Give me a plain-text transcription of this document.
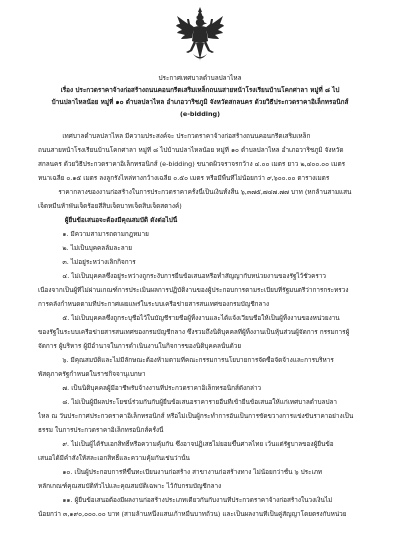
ประกาศเทศบาลตำบลปลาไหล
เรื่อง ประกวดราคาจ้างก่อสร้างถนนคอนกรีตเสริมเหล็กถนนสายหน้าโรงเรียนบ้านโคกศาลา หมู่ที่ ๘ ไป
บ้านปลาไหลน้อย หมู่ที่ ๑๐ ตำบลปลาไหล อำเภอวาริชภูมิ จังหวัดสกลนคร ด้วยวิธีประกวดราคาอิเล็กทรอนิกส์
(e-bidding)
เทศบาลตำบลปลาไหล มีความประสงค์จะ ประกวดราคาจ้างก่อสร้างถนนคอนกรีตเสริมเหล็ก
ถนนสายหน้าโรงเรียนบ้านโคกศาลา หมู่ที่ ๘ ไปบ้านปลาไหลน้อย หมู่ที่ ๑๐ ตำบลปลาไหล อำเภอวาริชภูมิ จังหวัด
สกลนคร ด้วยวิธีประกวดราคาอิเล็กทรอนิกส์ (e-bidding) ขนาดผิวจราจรกว้าง ๔.๐๐ เมตร ยาว ๒,๔๐๐.๐๐ เมตร
หนาเฉลี่ย ๐.๑๕ เมตร ลงลูกรังไหล่ทางกว้างเฉลี่ย ๐.๕๐ เมตร หรือมีพื้นที่ไม่น้อยกว่า ๙,๖๐๐.๐๐ ตารางเมตร
ราคากลางของงานก่อสร้างในการประกวดราคาครั้งนี้เป็นเงินทั้งสิ้น ๖,๓๗๕,๗๔๗.๗๗ บาท (หกล้านสามแสน
เจ็ดหมื่นห้าพันเจ็ดร้อยสี่สิบเจ็ดบาทเจ็ดสิบเจ็ดสตางค์)
ผู้ยื่นข้อเสนอจะต้องมีคุณสมบัติ ดังต่อไปนี้
๑. มีความสามารถตามกฎหมาย
๒. ไม่เป็นบุคคลล้มละลาย
๓. ไม่อยู่ระหว่างเลิกกิจการ
๔. ไม่เป็นบุคคลซึ่งอยู่ระหว่างถูกระงับการยื่นข้อเสนอหรือทำสัญญากับหน่วยงานของรัฐไว้ชั่วคราว
เนื่องจากเป็นผู้ที่ไม่ผ่านเกณฑ์การประเมินผลการปฏิบัติงานของผู้ประกอบการตามระเบียบที่รัฐมนตรีว่าการกระทรวง
การคลังกำหนดตามที่ประกาศเผยแพร่ในระบบเครือข่ายสารสนเทศของกรมบัญชีกลาง
๕. ไม่เป็นบุคคลซึ่งถูกระบุชื่อไว้ในบัญชีรายชื่อผู้ทิ้งงานและได้แจ้งเวียนชื่อให้เป็นผู้ทิ้งงานของหน่วยงาน
ของรัฐในระบบเครือข่ายสารสนเทศของกรมบัญชีกลาง ซึ่งรวมถึงนิติบุคคลที่ผู้ทิ้งงานเป็นหุ้นส่วนผู้จัดการ กรรมการผู้
จัดการ ผู้บริหาร ผู้มีอำนาจในการดำเนินงานในกิจการของนิติบุคคลนั้นด้วย
๖. มีคุณสมบัติและไม่มีลักษณะต้องห้ามตามที่คณะกรรมการนโยบายการจัดซื้อจัดจ้างและการบริหาร
พัสดุภาครัฐกำหนดในราชกิจจานุเบกษา
๗. เป็นนิติบุคคลผู้มีอาชีพรับจ้างงานที่ประกวดราคาอิเล็กทรอนิกส์ดังกล่าว
๘. ไม่เป็นผู้มีผลประโยชน์ร่วมกันกับผู้ยื่นข้อเสนอราคารายอื่นที่เข้ายื่นข้อเสนอให้แก่เทศบาลตำบลปลา
ไหล ณ วันประกาศประกวดราคาอิเล็กทรอนิกส์ หรือไม่เป็นผู้กระทำการอันเป็นการขัดขวางการแข่งขันราคาอย่างเป็น
ธรรม ในการประกวดราคาอิเล็กทรอนิกส์ครั้งนี้
๙. ไม่เป็นผู้ได้รับเอกสิทธิ์หรือความคุ้มกัน ซึ่งอาจปฏิเสธไม่ยอมขึ้นศาลไทย เว้นแต่รัฐบาลของผู้ยื่นข้อ
เสนอได้มีคำสั่งให้สละเอกสิทธิ์และความคุ้มกันเช่นว่านั้น
๑๐. เป็นผู้ประกอบการที่ขึ้นทะเบียนงานก่อสร้าง สาขางานก่อสร้างทาง ไม่น้อยกว่าชั้น ๖ ประเภท
หลักเกณฑ์คุณสมบัติทั่วไปและคุณสมบัติเฉพาะ ไว้กับกรมบัญชีกลาง
๑๑. ผู้ยื่นข้อเสนอต้องมีผลงานก่อสร้างประเภทเดียวกันกับงานที่ประกวดราคาจ้างก่อสร้างในวงเงินไม่
น้อยกว่า ๓,๑๙๐,๐๐๐.๐๐ บาท (สามล้านหนึ่งแสนเก้าหมื่นบาทถ้วน) และเป็นผลงานที่เป็นคู่สัญญาโดยตรงกับหน่วย
